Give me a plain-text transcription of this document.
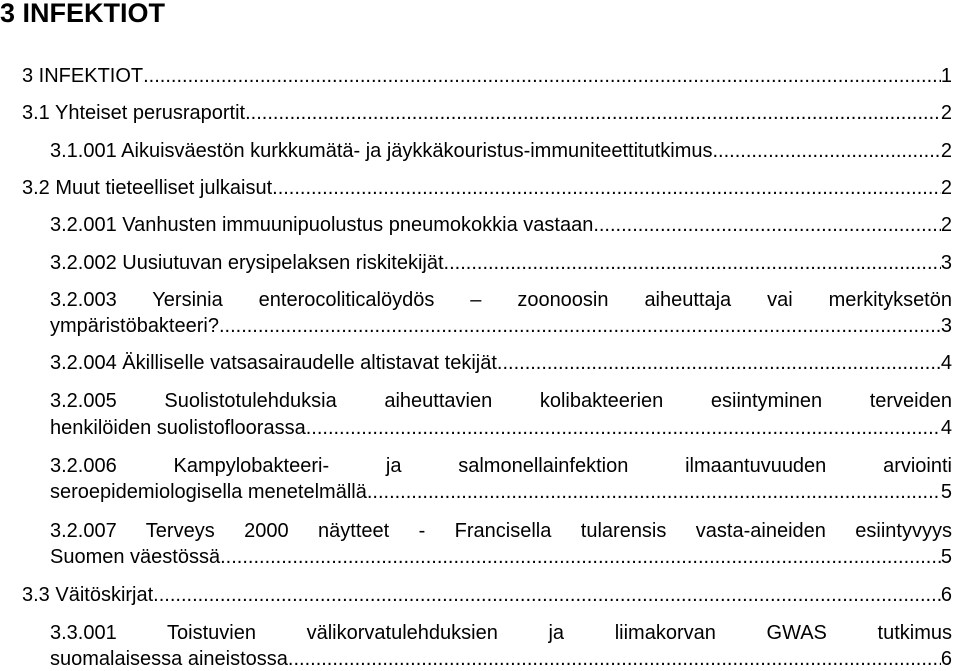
3 INFEKTIOT
3 INFEKTIOT .....	1
3.1 Yhteiset perusraportit .....	2
3.1.001 Aikuisväestön kurkkumätä- ja jäykkäkouristus-immuniteettitutkimus .....	2
3.2 Muut tieteelliset julkaisut .....	2
3.2.001 Vanhusten immuunipuolustus pneumokokkia vastaan .....	2
3.2.002 Uusiutuvan erysipelaksen riskitekijät .....	3
3.2.003 Yersinia enterocoliticalöydös – zoonoosin aiheuttaja vai merkityksetön
ympäristöbakteeri? .....	3
3.2.004 Äkilliselle vatsasairaudelle altistavat tekijät .....	4
3.2.005 Suolistotulehduksia aiheuttavien kolibakteerien esiintyminen terveiden
henkilöiden suolistofloorassa .....	4
3.2.006 Kampylobakteeri- ja salmonellainfektion ilmaantuvuuden arviointi
seroepidemiologisella menetelmällä .....	5
3.2.007 Terveys 2000 näytteet - Francisella tularensis vasta-aineiden esiintyvyys
Suomen väestössä .....	5
3.3 Väitöskirjat .....	6
3.3.001 Toistuvien välikorvatulehduksien ja liimakorvan GWAS tutkimus
suomalaisessa aineistossa .....	6
